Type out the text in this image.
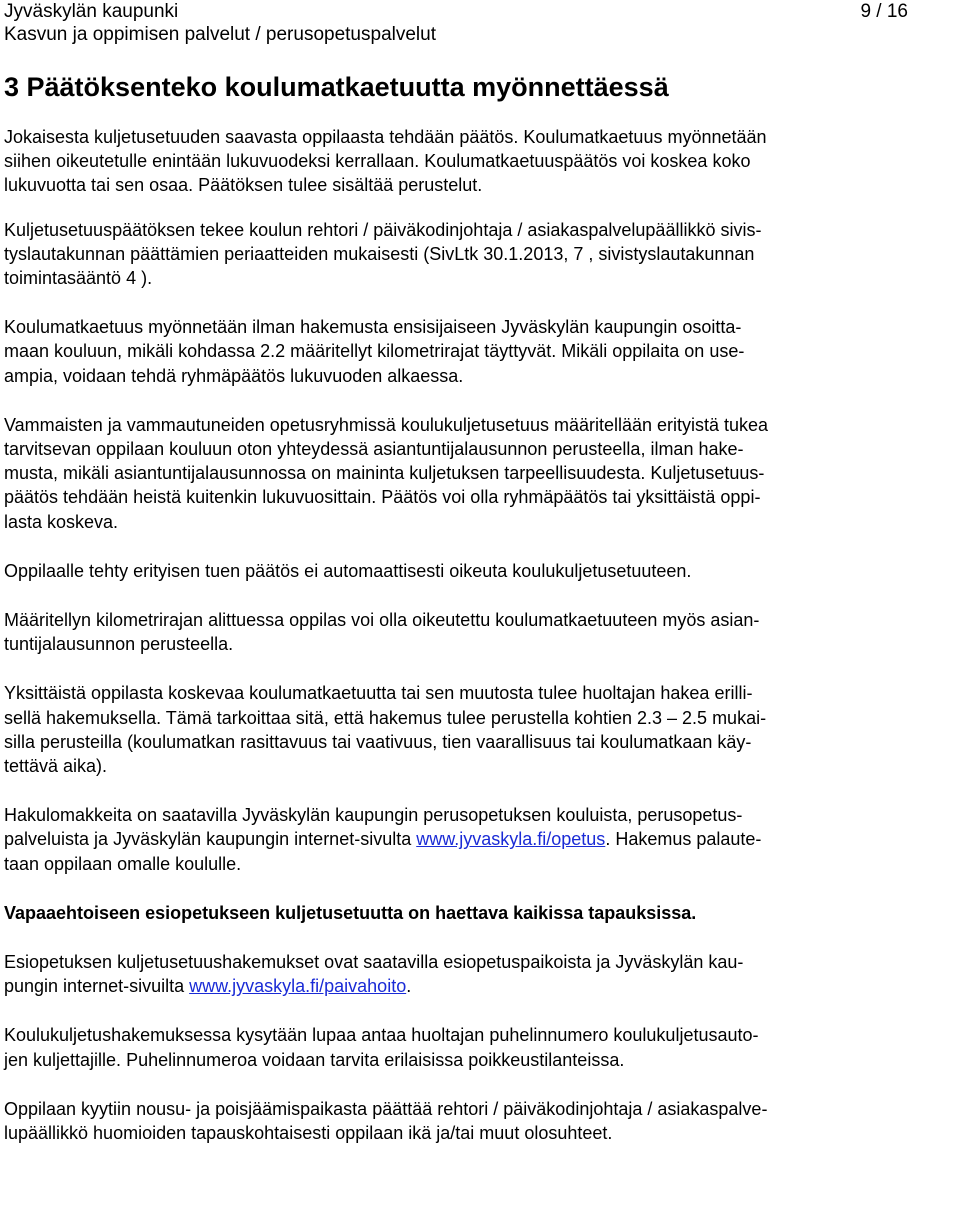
Jyväskylän kaupunki
Kasvun ja oppimisen palvelut / perusopetuspalvelut
9 / 16
3 Päätöksenteko koulumatkaetuutta myönnettäessä

Jokaisesta kuljetusetuuden saavasta oppilaasta tehdään päätös. Koulumatkaetuus myönnetään
siihen oikeutetulle enintään lukuvuodeksi kerrallaan. Koulumatkaetuuspäätös voi koskea koko
lukuvuotta tai sen osaa. Päätöksen tulee sisältää perustelut.

Kuljetusetuuspäätöksen tekee koulun rehtori / päiväkodinjohtaja / asiakaspalvelupäällikkö sivis-
tyslautakunnan päättämien periaatteiden mukaisesti (SivLtk 30.1.2013, 7 , sivistyslautakunnan
toimintasääntö 4 ).

Koulumatkaetuus myönnetään ilman hakemusta ensisijaiseen Jyväskylän kaupungin osoitta-
maan kouluun, mikäli kohdassa 2.2 määritellyt kilometrirajat täyttyvät. Mikäli oppilaita on use-
ampia, voidaan tehdä ryhmäpäätös lukuvuoden alkaessa.

Vammaisten ja vammautuneiden opetusryhmissä koulukuljetusetuus määritellään erityistä tukea
tarvitsevan oppilaan kouluun oton yhteydessä asiantuntijalausunnon perusteella, ilman hake-
musta, mikäli asiantuntijalausunnossa on maininta kuljetuksen tarpeellisuudesta. Kuljetusetuus-
päätös tehdään heistä kuitenkin lukuvuosittain. Päätös voi olla ryhmäpäätös tai yksittäistä oppi-
lasta koskeva.

Oppilaalle tehty erityisen tuen päätös ei automaattisesti oikeuta koulukuljetusetuuteen.

Määritellyn kilometrirajan alittuessa oppilas voi olla oikeutettu koulumatkaetuuteen myös asian-
tuntijalausunnon perusteella.

Yksittäistä oppilasta koskevaa koulumatkaetuutta tai sen muutosta tulee huoltajan hakea erilli-
sellä hakemuksella. Tämä tarkoittaa sitä, että hakemus tulee perustella kohtien 2.3 – 2.5 mukai-
silla perusteilla (koulumatkan rasittavuus tai vaativuus, tien vaarallisuus tai koulumatkaan käy-
tettävä aika).

Hakulomakkeita on saatavilla Jyväskylän kaupungin perusopetuksen kouluista, perusopetus-
palveluista ja Jyväskylän kaupungin internet-sivulta www.jyvaskyla.fi/opetus. Hakemus palaute-
taan oppilaan omalle koululle.

Vapaaehtoiseen esiopetukseen kuljetusetuutta on haettava kaikissa tapauksissa.

Esiopetuksen kuljetusetuushakemukset ovat saatavilla esiopetuspaikoista ja Jyväskylän kau-
pungin internet-sivuilta www.jyvaskyla.fi/paivahoito.

Koulukuljetushakemuksessa kysytään lupaa antaa huoltajan puhelinnumero koulukuljetusauto-
jen kuljettajille. Puhelinnumeroa voidaan tarvita erilaisissa poikkeustilanteissa.

Oppilaan kyytiin nousu- ja poisjäämispaikasta päättää rehtori / päiväkodinjohtaja / asiakaspalve-
lupäällikkö huomioiden tapauskohtaisesti oppilaan ikä ja/tai muut olosuhteet.
